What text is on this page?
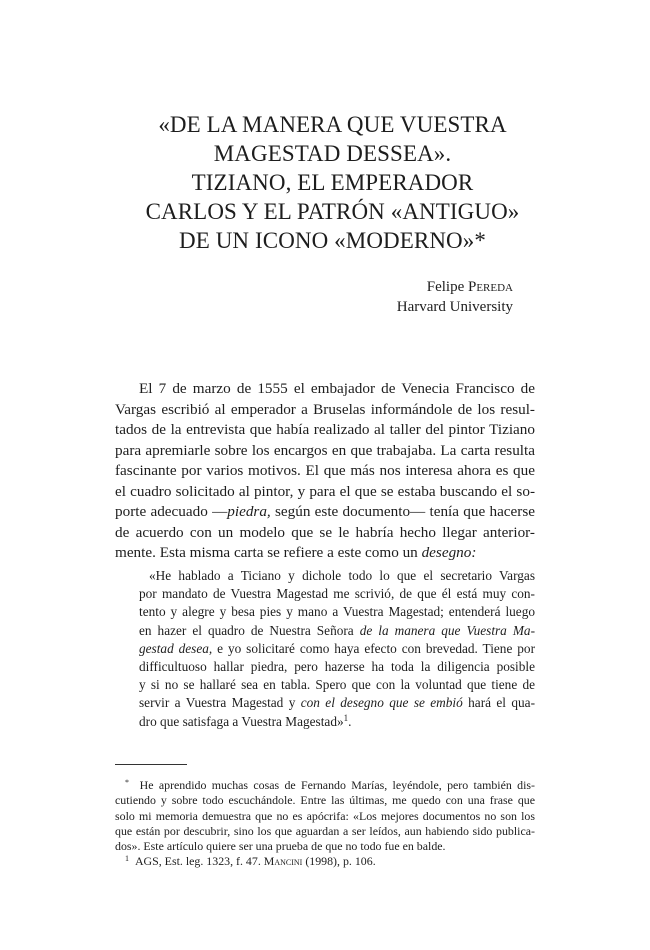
«DE LA MANERA QUE VUESTRA
MAGESTAD DESSEA».
TIZIANO, EL EMPERADOR
CARLOS Y EL PATRÓN «ANTIGUO»
DE UN ICONO «MODERNO»*
Felipe Pereda
Harvard University
El 7 de marzo de 1555 el embajador de Venecia Francisco de
Vargas escribió al emperador a Bruselas informándole de los resul-
tados de la entrevista que había realizado al taller del pintor Tiziano
para apremiarle sobre los encargos en que trabajaba. La carta resulta
fascinante por varios motivos. El que más nos interesa ahora es que
el cuadro solicitado al pintor, y para el que se estaba buscando el so-
porte adecuado —piedra, según este documento— tenía que hacerse
de acuerdo con un modelo que se le habría hecho llegar anterior-
mente. Esta misma carta se refiere a este como un desegno:
«He hablado a Ticiano y dichole todo lo que el secretario Vargas
por mandato de Vuestra Magestad me scrivió, de que él está muy con-
tento y alegre y besa pies y mano a Vuestra Magestad; entenderá luego
en hazer el quadro de Nuestra Señora de la manera que Vuestra Ma-
gestad desea, e yo solicitaré como haya efecto con brevedad. Tiene por
difficultuoso hallar piedra, pero hazerse ha toda la diligencia posible
y si no se hallaré sea en tabla. Spero que con la voluntad que tiene de
servir a Vuestra Magestad y con el desegno que se embió hará el qua-
dro que satisfaga a Vuestra Magestad»$^1$.
* He aprendido muchas cosas de Fernando Marías, leyéndole, pero también dis-
cutiendo y sobre todo escuchándole. Entre las últimas, me quedo con una frase que
solo mi memoria demuestra que no es apócrifa: «Los mejores documentos no son los
que están por descubrir, sino los que aguardan a ser leídos, aun habiendo sido publica-
dos». Este artículo quiere ser una prueba de que no todo fue en balde.
$^1$ AGS, Est. leg. 1323, f. 47. Mancini (1998), p. 106.
